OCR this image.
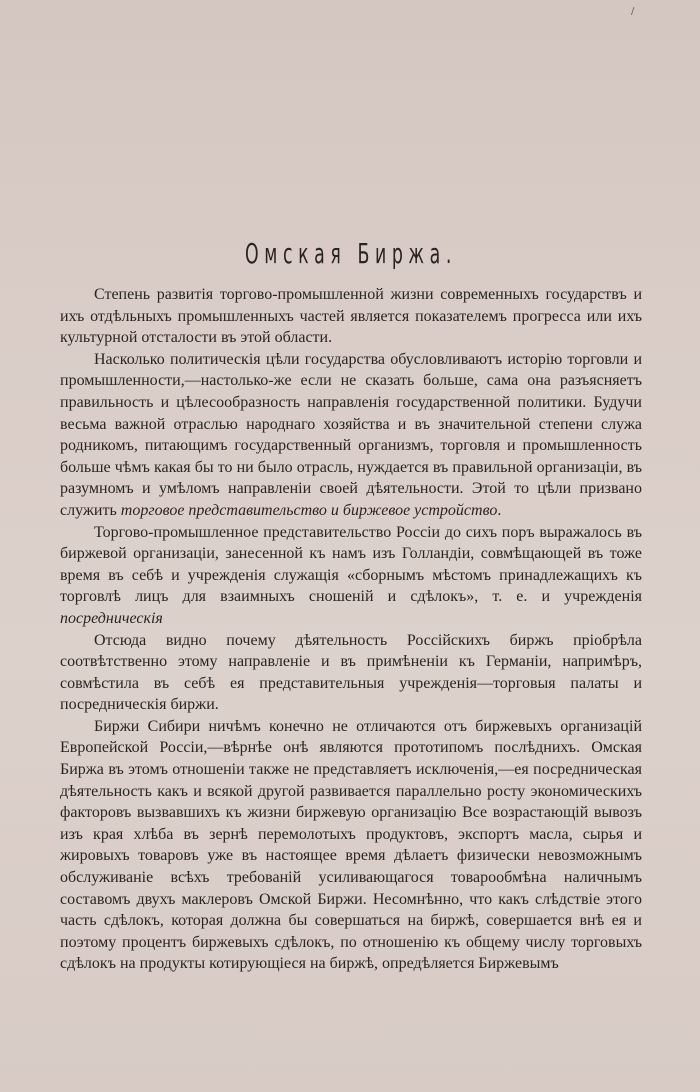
/
Омская Биржа.

Степень развитія торгово-промышленной жизни современныхъ государствъ и ихъ отдѣльныхъ промышленныхъ частей является показателемъ прогресса или ихъ культурной отсталости въ этой области.

Насколько политическія цѣли государства обусловливаютъ исторію торговли и промышленности,—настолько-же если не сказать больше, сама она разъясняетъ правильность и цѣлесообразность направленія государственной политики. Будучи весьма важной отраслью народнаго хозяйства и въ значительной степени служа родникомъ, питающимъ государственный организмъ, торговля и промышленность больше чѣмъ какая бы то ни было отрасль, нуждается въ правильной организаціи, въ разумномъ и умѣломъ направленіи своей дѣятельности. Этой то цѣли призвано служить торговое представительство и биржевое устройство.

Торгово-промышленное представительство Россіи до сихъ поръ выражалось въ биржевой организаціи, занесенной къ намъ изъ Голландіи, совмѣщающей въ тоже время въ себѣ и учрежденія служащія «сборнымъ мѣстомъ принадлежащихъ къ торговлѣ лицъ для взаимныхъ сношеній и сдѣлокъ», т. е. и учрежденія посредническія

Отсюда видно почему дѣятельность Россійскихъ биржъ пріобрѣла соотвѣтственно этому направленіе и въ примѣненіи къ Германіи, напримѣръ, совмѣстила въ себѣ ея представительныя учрежденія—торговыя палаты и посредническія биржи.

Биржи Сибири ничѣмъ конечно не отличаются отъ биржевыхъ организацій Европейской Россіи,—вѣрнѣе онѣ являются прототипомъ послѣднихъ. Омская Биржа въ этомъ отношеніи также не представляетъ исключенія,—ея посредническая дѣятельность какъ и всякой другой развивается параллельно росту экономическихъ факторовъ вызвавшихъ къ жизни биржевую организацію Все возрастающій вывозъ изъ края хлѣба въ зернѣ перемолотыхъ продуктовъ, экспортъ масла, сырья и жировыхъ товаровъ уже въ настоящее время дѣлаетъ физически невозможнымъ обслуживаніе всѣхъ требованій усиливающагося товарообмѣна наличнымъ составомъ двухъ маклеровъ Омской Биржи. Несомнѣнно, что какъ слѣдствіе этого часть сдѣлокъ, которая должна бы совершаться на биржѣ, совершается внѣ ея и поэтому процентъ биржевыхъ сдѣлокъ, по отношенію къ общему числу торговыхъ сдѣлокъ на продукты котирующіеся на биржѣ, опредѣляется Биржевымъ
